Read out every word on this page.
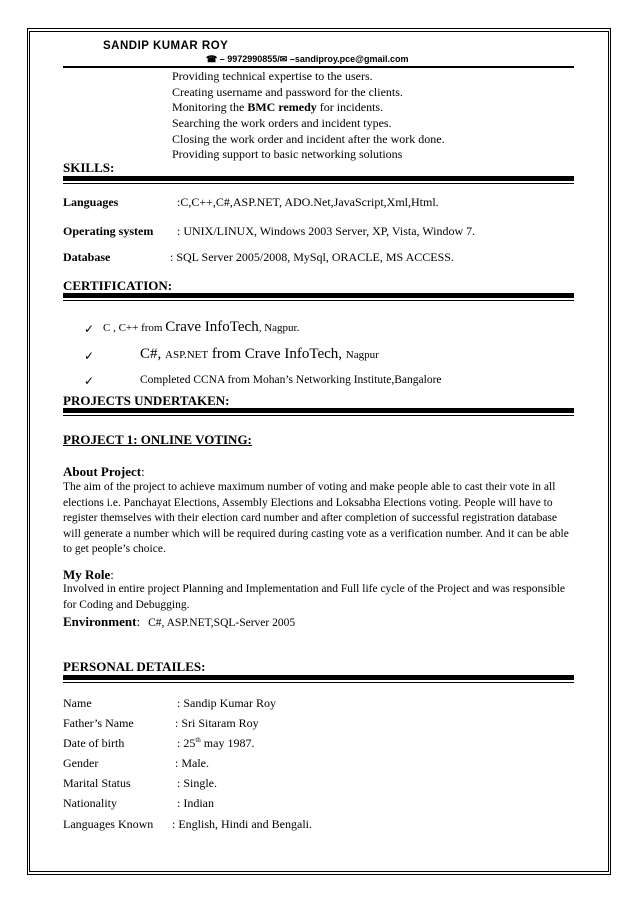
SANDIP KUMAR ROY
☎ – 9972990855/✉ –sandiproy.pce@gmail.com
Providing technical expertise to the users.
Creating username and password for the clients.
Monitoring the BMC remedy for incidents.
Searching the work orders and incident types.
Closing the work order and incident after the work done.
Providing support to basic networking solutions
SKILLS:
Languages	:C,C++,C#,ASP.NET, ADO.Net,JavaScript,Xml,Html.
Operating system : UNIX/LINUX, Windows 2003 Server, XP, Vista, Window 7.
Database	: SQL Server 2005/2008, MySql, ORACLE, MS ACCESS.
CERTIFICATION:
✓ C , C++ from Crave InfoTech, Nagpur.
✓	C#, ASP.NET from Crave InfoTech, Nagpur
✓	Completed CCNA from Mohan’s Networking Institute,Bangalore
PROJECTS UNDERTAKEN:
PROJECT 1: ONLINE VOTING:
About Project:
The aim of the project to achieve maximum number of voting and make people able to cast their vote in all elections i.e. Panchayat Elections, Assembly Elections and Loksabha Elections voting. People will have to register themselves with their election card number and after completion of successful registration database will generate a number which will be required during casting vote as a verification number. And it can be able to get people’s choice.
My Role:
Involved in entire project Planning and Implementation and Full life cycle of the Project and was responsible for Coding and Debugging.
Environment: C#, ASP.NET,SQL-Server 2005
PERSONAL DETAILES:
Name	: Sandip Kumar Roy
Father’s Name	: Sri Sitaram Roy
Date of birth	: 25th may 1987.
Gender	: Male.
Marital Status	: Single.
Nationality	: Indian
Languages Known : English, Hindi and Bengali.
